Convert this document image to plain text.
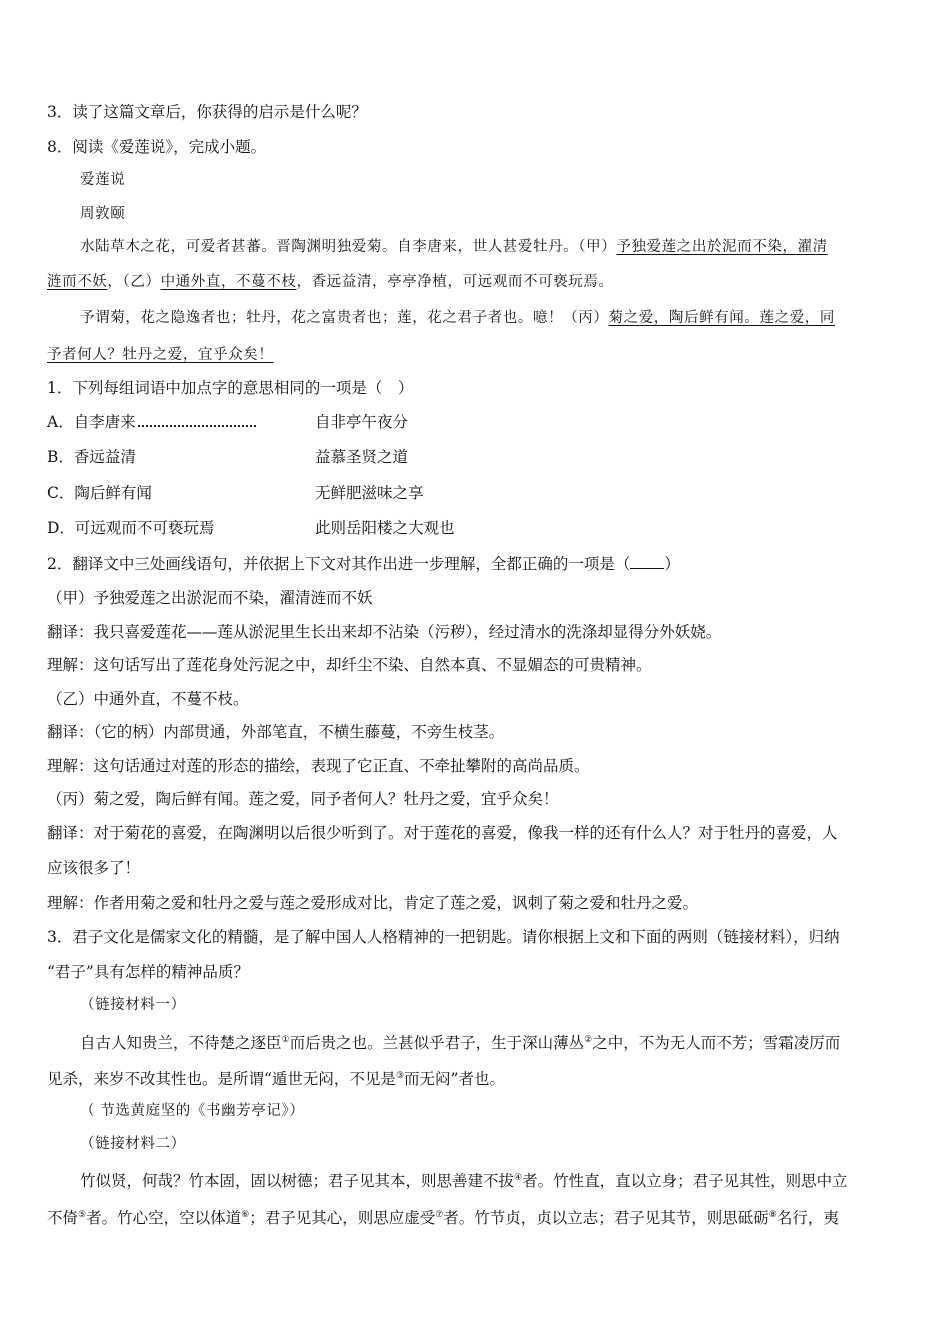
3．读了这篇文章后，你获得的启示是什么呢？
8．阅读《爱莲说》，完成小题。
爱莲说
周敦颐
水陆草木之花，可爱者甚蕃。晋陶渊明独爱菊。自李唐来，世人甚爱牡丹。（甲）予独爱莲之出於泥而不染，濯清
涟而不妖，（乙）中通外直，不蔓不枝，香远益清，亭亭净植，可远观而不可亵玩焉。
予谓菊，花之隐逸者也；牡丹，花之富贵者也；莲，花之君子者也。噫！（丙）菊之爱，陶后鲜有闻。莲之爱，同
予者何人？牡丹之爱，宜乎众矣！
1．下列每组词语中加点字的意思相同的一项是（　）
A．自李唐来	自非亭午夜分
B．香远益清	益慕圣贤之道
C．陶后鲜有闻	无鲜肥滋味之享
D．可远观而不可亵玩焉	此则岳阳楼之大观也
2．翻译文中三处画线语句，并依据上下文对其作出进一步理解，全都正确的一项是（ ）
（甲）予独爱莲之出淤泥而不染，濯清涟而不妖
翻译：我只喜爱莲花——莲从淤泥里生长出来却不沾染（污秽），经过清水的洗涤却显得分外妖娆。
理解：这句话写出了莲花身处污泥之中，却纤尘不染、自然本真、不显媚态的可贵精神。
（乙）中通外直，不蔓不枝。
翻译：（它的柄）内部贯通，外部笔直，不横生藤蔓，不旁生枝茎。
理解：这句话通过对莲的形态的描绘，表现了它正直、不牵扯攀附的高尚品质。
（丙）菊之爱，陶后鲜有闻。莲之爱，同予者何人？牡丹之爱，宜乎众矣！
翻译：对于菊花的喜爱，在陶渊明以后很少听到了。对于莲花的喜爱，像我一样的还有什么人？对于牡丹的喜爱，人
应该很多了！
理解：作者用菊之爱和牡丹之爱与莲之爱形成对比，肯定了莲之爱，讽刺了菊之爱和牡丹之爱。
3．君子文化是儒家文化的精髓，是了解中国人人格精神的一把钥匙。请你根据上文和下面的两则（链接材料），归纳
“君子”具有怎样的精神品质？
（链接材料一）
自古人知贵兰，不待楚之逐臣①而后贵之也。兰甚似乎君子，生于深山薄丛②之中，不为无人而不芳；雪霜凌厉而
见杀，来岁不改其性也。是所谓“遁世无闷，不见是③而无闷”者也。
（ 节选黄庭坚的《书幽芳亭记》）
（链接材料二）
竹似贤，何哉？竹本固，固以树德；君子见其本，则思善建不拔④者。竹性直，直以立身；君子见其性，则思中立
不倚⑤者。竹心空，空以体道⑥；君子见其心，则思应虚受⑦者。竹节贞，贞以立志；君子见其节，则思砥砺⑧名行，夷
